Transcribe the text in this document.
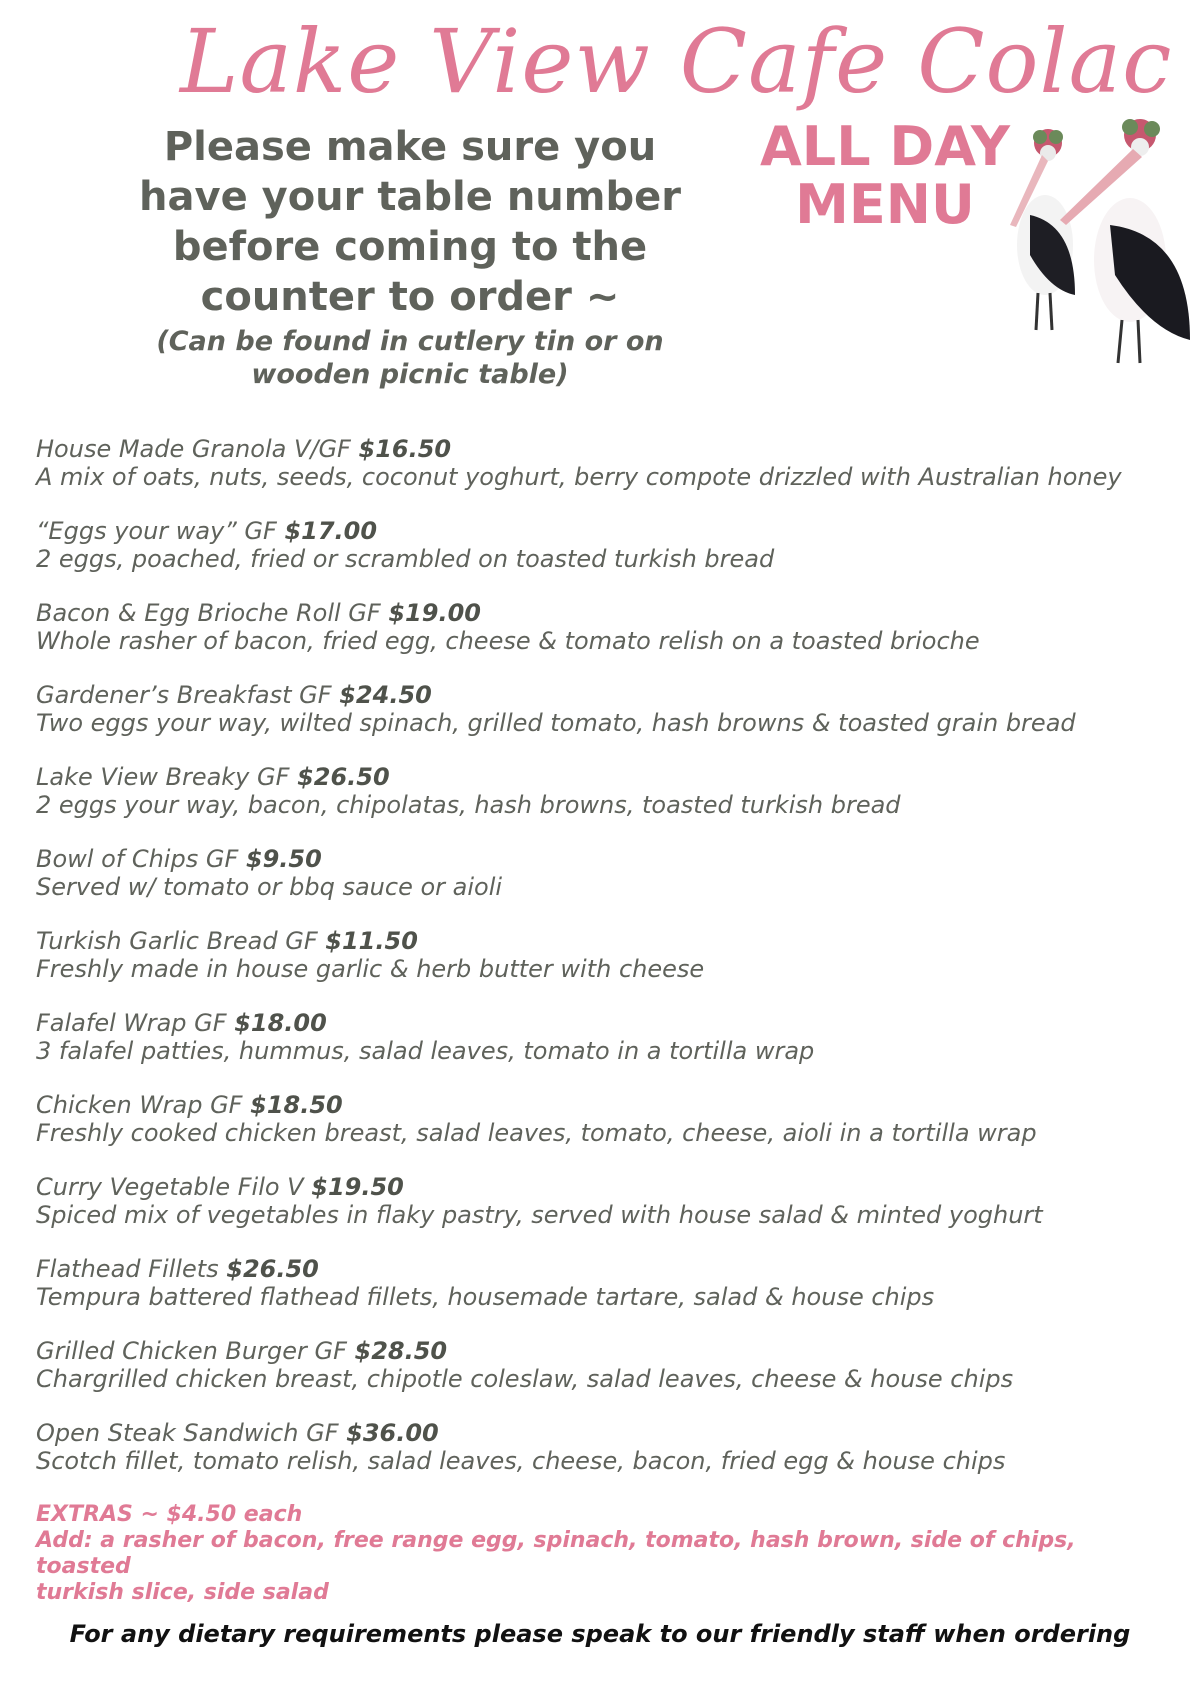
Lake View Cafe Colac
Please make sure you
have your table number
before coming to the
counter to order ~
(Can be found in cutlery tin or on
wooden picnic table)
ALL DAY
MENU
House Made Granola V/GF $16.50
A mix of oats, nuts, seeds, coconut yoghurt, berry compote drizzled with Australian honey
“Eggs your way” GF $17.00
2 eggs, poached, fried or scrambled on toasted turkish bread
Bacon & Egg Brioche Roll GF $19.00
Whole rasher of bacon, fried egg, cheese & tomato relish on a toasted brioche
Gardener’s Breakfast GF $24.50
Two eggs your way, wilted spinach, grilled tomato, hash browns & toasted grain bread
Lake View Breaky GF $26.50
2 eggs your way, bacon, chipolatas, hash browns, toasted turkish bread
Bowl of Chips GF $9.50
Served w/ tomato or bbq sauce or aioli
Turkish Garlic Bread GF $11.50
Freshly made in house garlic & herb butter with cheese
Falafel Wrap GF $18.00
3 falafel patties, hummus, salad leaves, tomato in a tortilla wrap
Chicken Wrap GF $18.50
Freshly cooked chicken breast, salad leaves, tomato, cheese, aioli in a tortilla wrap
Curry Vegetable Filo V $19.50
Spiced mix of vegetables in flaky pastry, served with house salad & minted yoghurt
Flathead Fillets $26.50
Tempura battered flathead fillets, housemade tartare, salad & house chips
Grilled Chicken Burger GF $28.50
Chargrilled chicken breast, chipotle coleslaw, salad leaves, cheese & house chips
Open Steak Sandwich GF $36.00
Scotch fillet, tomato relish, salad leaves, cheese, bacon, fried egg & house chips
EXTRAS ~ $4.50 each
Add: a rasher of bacon, free range egg, spinach, tomato, hash brown, side of chips, toasted
turkish slice, side salad
For any dietary requirements please speak to our friendly staff when ordering
